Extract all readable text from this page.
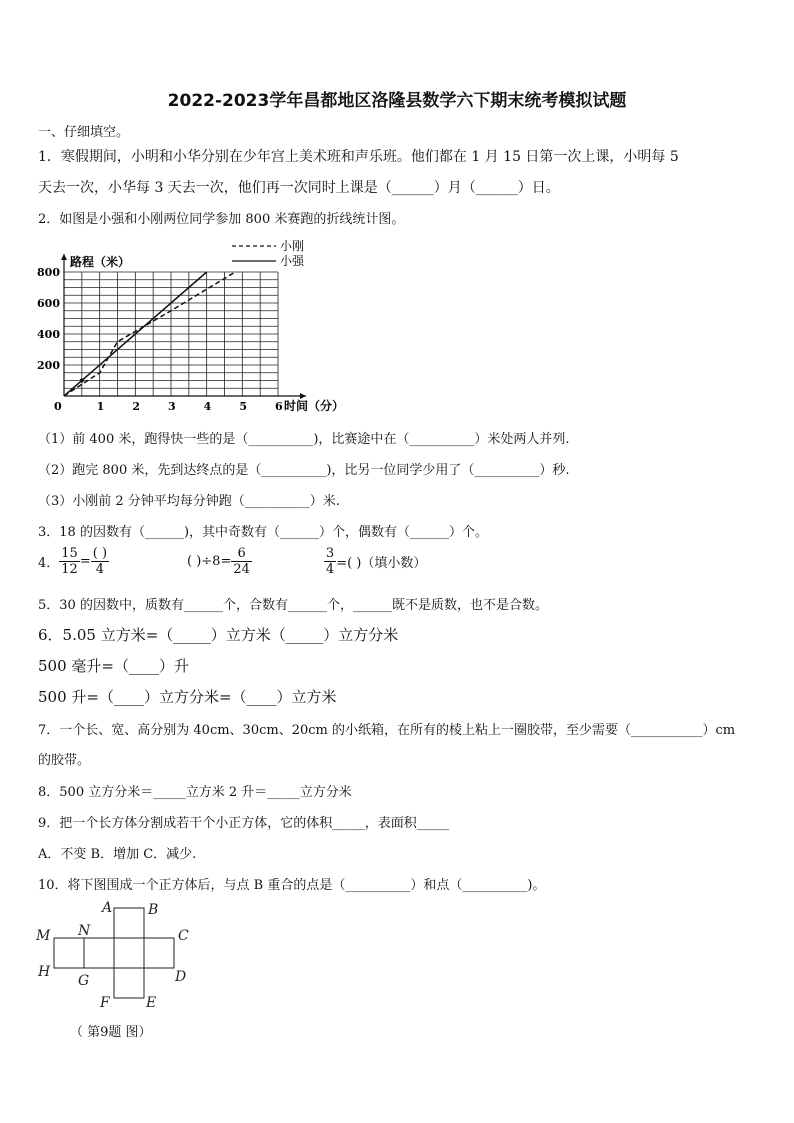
2022-2023学年昌都地区洛隆县数学六下期末统考模拟试题
一、仔细填空。
1．寒假期间，小明和小华分别在少年宫上美术班和声乐班。他们都在 1 月 15 日第一次上课，小明每 5
天去一次，小华每 3 天去一次，他们再一次同时上课是（______）月（______）日。
2．如图是小强和小刚两位同学参加 800 米赛跑的折线统计图。
路程（米）
时间（分）
0	1	2	3	4	5	6
200
400
600
800
小刚
小强
（1）前 400 米，跑得快一些的是（__________)，比赛途中在（__________）米处两人并列.
（2）跑完 800 米，先到达终点的是（__________)，比另一位同学少用了（__________）秒.
（3）小刚前 2 分钟平均每分钟跑（__________）米.
3．18 的因数有（______)，其中奇数有（______）个，偶数有（______）个。
4． $\frac{15}{12} = \frac{( )}{4}$	( )$\div 8= \frac{6}{24}$	$\frac{3}{4}$ =( )（填小数）
5．30 的因数中，质数有______个，合数有______个，______既不是质数，也不是合数。
6．5.05 立方米=（_____）立方米（_____）立方分米
500 毫升=（____）升
500 升=（____）立方分米=（____）立方米
7．一个长、宽、高分别为 40cm、30cm、20cm 的小纸箱，在所有的棱上粘上一圈胶带，至少需要（___________）cm
的胶带。
8．500 立方分米＝_____立方米 2 升＝_____立方分米
9．把一个长方体分割成若干个小正方体，它的体积_____，表面积_____
A．不变 B．增加 C．减少.
10．将下图围成一个正方体后，与点 B 重合的点是（__________）和点（__________)。
A	B
C
D
E
F
G
H
M N
（ 第9题 图）
